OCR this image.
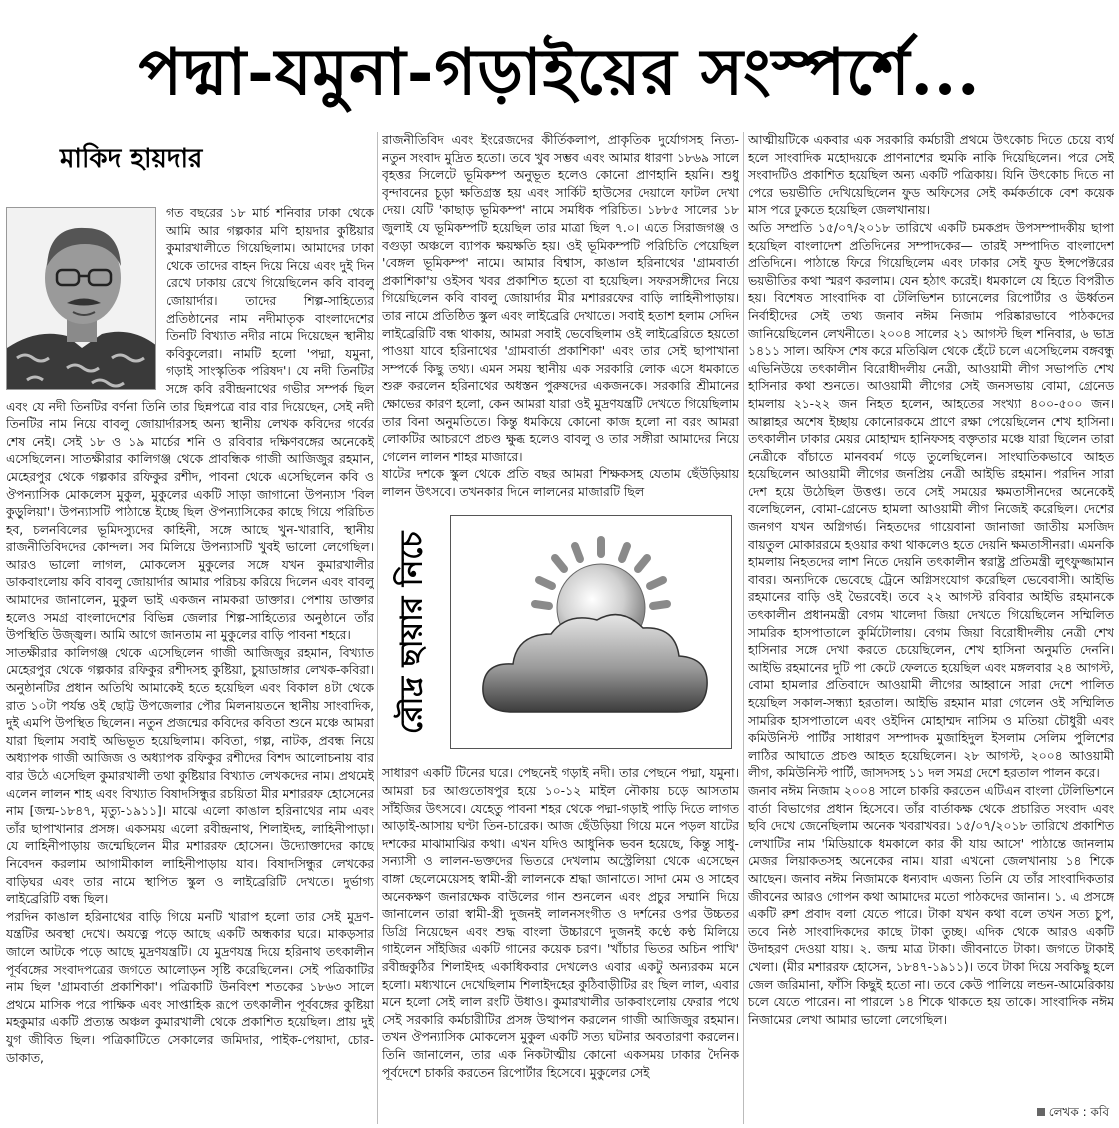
পদ্মা-যমুনা-গড়াইয়ের সংস্পর্শে...
মাকিদ হায়দার

গত বছরের ১৮ মার্চ শনিবার ঢাকা থেকে আমি আর গল্পকার মণি হায়দার কুষ্টিয়ার কুমারখালীতে গিয়েছিলাম। আমাদের ঢাকা থেকে তাদের বাহন দিয়ে নিয়ে এবং দুই দিন রেখে ঢাকায় রেখে গিয়েছিলেন কবি বাবলু জোয়ার্দার। তাদের শিল্প-সাহিত্যের প্রতিষ্ঠানের নাম নদীমাতৃক বাংলাদেশের তিনটি বিখ্যাত নদীর নামে দিয়েছেন স্থানীয় কবিকুলেরা। নামটি হলো 'পদ্মা, যমুনা, গড়াই সাংস্কৃতিক পরিষদ'। যে নদী তিনটির সঙ্গে কবি রবীন্দ্রনাথের গভীর সম্পর্ক ছিল এবং যে নদী তিনটির বর্ণনা তিনি তার ছিন্নপত্রে বার বার দিয়েছেন, সেই নদী তিনটির নাম নিয়ে বাবলু জোয়ার্দারসহ অন্য স্থানীয় লেখক কবিদের গর্বের শেষ নেই। সেই ১৮ ও ১৯ মার্চের শনি ও রবিবার দক্ষিণবঙ্গের অনেকেই এসেছিলেন। সাতক্ষীরার কালিগঞ্জ থেকে প্রাবন্ধিক গাজী আজিজুর রহমান, মেহেরপুর থেকে গল্পকার রফিকুর রশীদ, পাবনা থেকে এসেছিলেন কবি ও ঔপন্যাসিক মোকলেস মুকুল, মুকুলের একটি সাড়া জাগানো উপন্যাস 'বিল কুড়ুলিয়া'। উপন্যাসটি পাঠান্তে ইচ্ছে ছিল ঔপন্যাসিকের কাছে গিয়ে পরিচিত হব, চলনবিলের ভূমিদস্যুদের কাহিনী, সঙ্গে আছে খুন-খারাবি, স্থানীয় রাজনীতিবিদদের কোন্দল। সব মিলিয়ে উপন্যাসটি খুবই ভালো লেগেছিল। আরও ভালো লাগল, মোকলেস মুকুলের সঙ্গে যখন কুমারখালীর ডাকবাংলোয় কবি বাবলু জোয়ার্দার আমার পরিচয় করিয়ে দিলেন এবং বাবলু আমাদের জানালেন, মুকুল ভাই একজন নামকরা ডাক্তার। পেশায় ডাক্তার হলেও সমগ্র বাংলাদেশের বিভিন্ন জেলার শিল্প-সাহিত্যের অনুষ্ঠানে তাঁর উপস্থিতি উজ্জ্বল। আমি আগে জানতাম না মুকুলের বাড়ি পাবনা শহরে।

সাতক্ষীরার কালিগঞ্জ থেকে এসেছিলেন গাজী আজিজুর রহমান, বিখ্যাত মেহেরপুর থেকে গল্পকার রফিকুর রশীদসহ কুষ্টিয়া, চুয়াডাঙ্গার লেখক-কবিরা। অনুষ্ঠানটির প্রধান অতিথি আমাকেই হতে হয়েছিল এবং বিকাল ৪টা থেকে রাত ১০টা পর্যন্ত ওই ছোট্ট উপজেলার পৌর মিলনায়তনে স্থানীয় সাংবাদিক, দুই এমপি উপস্থিত ছিলেন। নতুন প্রজন্মের কবিদের কবিতা শুনে মঞ্চে আমরা যারা ছিলাম সবাই অভিভূত হয়েছিলাম। কবিতা, গল্প, নাটক, প্রবন্ধ নিয়ে অধ্যাপক গাজী আজিজ ও অধ্যাপক রফিকুর রশীদের বিশদ আলোচনায় বার বার উঠে এসেছিল কুমারখালী তথা কুষ্টিয়ার বিখ্যাত লেখকদের নাম। প্রথমেই এলেন লালন শাহ এবং বিখ্যাত বিষাদসিন্ধুর রচয়িতা মীর মশাররফ হোসেনের নাম [জন্ম-১৮৪৭, মৃত্যু-১৯১১]। মাঝে এলো কাঙাল হরিনাথের নাম এবং তাঁর ছাপাখানার প্রসঙ্গ। একসময় এলো রবীন্দ্রনাথ, শিলাইদহ, লাহিনীপাড়া। যে লাহিনীপাড়ায় জন্মেছিলেন মীর মশাররফ হোসেন। উদ্যোক্তাদের কাছে নিবেদন করলাম আগামীকাল লাহিনীপাড়ায় যাব। বিষাদসিন্ধুর লেখকের বাড়িঘর এবং তার নামে স্থাপিত স্কুল ও লাইব্রেরিটি দেখতে। দুর্ভাগ্য লাইব্রেরিটি বন্ধ ছিল।

পরদিন কাঙাল হরিনাথের বাড়ি গিয়ে মনটি খারাপ হলো তার সেই মুদ্রণ-যন্ত্রটির অবস্থা দেখে। অযত্নে পড়ে আছে একটি অন্ধকার ঘরে। মাকড়সার জালে আটকে পড়ে আছে মুদ্রণযন্ত্রটি। যে মুদ্রণযন্ত্র দিয়ে হরিনাথ তৎকালীন পূর্ববঙ্গের সংবাদপত্রের জগতে আলোড়ন সৃষ্টি করেছিলেন। সেই পত্রিকাটির নাম ছিল 'গ্রামবার্তা প্রকাশিকা'। পত্রিকাটি উনবিংশ শতকের ১৮৬৩ সালে প্রথমে মাসিক পরে পাক্ষিক এবং সাপ্তাহিক রূপে তৎকালীন পূর্ববঙ্গের কুষ্টিয়া মহকুমার একটি প্রত্যন্ত অঞ্চল কুমারখালী থেকে প্রকাশিত হয়েছিল। প্রায় দুই যুগ জীবিত ছিল। পত্রিকাটিতে সেকালের জমিদার, পাইক-পেয়াদা, চোর-ডাকাত,

রাজনীতিবিদ এবং ইংরেজদের কীর্তিকলাপ, প্রাকৃতিক দুর্যোগসহ নিত্য-নতুন সংবাদ মুদ্রিত হতো। তবে খুব সম্ভব এবং আমার ধারণা ১৮৬৯ সালে বৃহত্তর সিলেটে ভূমিকম্প অনুভূত হলেও কোনো প্রাণহানি হয়নি। শুধু বৃন্দাবনের চূড়া ক্ষতিগ্রস্ত হয় এবং সার্কিট হাউসের দেয়ালে ফাটল দেখা দেয়। যেটি 'কাছাড় ভূমিকম্প' নামে সমধিক পরিচিত। ১৮৮৫ সালের ১৮ জুলাই যে ভূমিকম্পটি হয়েছিল তার মাত্রা ছিল ৭.০। এতে সিরাজগঞ্জ ও বগুড়া অঞ্চলে ব্যাপক ক্ষয়ক্ষতি হয়। ওই ভূমিকম্পটি পরিচিতি পেয়েছিল 'বেঙ্গল ভূমিকম্প' নামে। আমার বিশ্বাস, কাঙাল হরিনাথের 'গ্রামবার্তা প্রকাশিকা'য় ওইসব খবর প্রকাশিত হতো বা হয়েছিল। সফরসঙ্গীদের নিয়ে গিয়েছিলেন কবি বাবলু জোয়ার্দার মীর মশাররফের বাড়ি লাহিনীপাড়ায়। তার নামে প্রতিষ্ঠিত স্কুল এবং লাইব্রেরি দেখাতে। সবাই হতাশ হলাম সেদিন লাইব্রেরিটি বন্ধ থাকায়, আমরা সবাই ভেবেছিলাম ওই লাইব্রেরিতে হয়তো পাওয়া যাবে হরিনাথের 'গ্রামবার্তা প্রকাশিকা' এবং তার সেই ছাপাখানা সম্পর্কে কিছু তথ্য। এমন সময় স্থানীয় এক সরকারি লোক এসে ধমকাতে শুরু করলেন হরিনাথের অধস্তন পুরুষদের একজনকে। সরকারি শ্রীমানের ক্ষোভের কারণ হলো, কেন আমরা যারা ওই মুদ্রণযন্ত্রটি দেখতে গিয়েছিলাম তার বিনা অনুমতিতে। কিন্তু ধমকিয়ে কোনো কাজ হলো না বরং আমরা লোকটির আচরণে প্রচণ্ড ক্ষুব্ধ হলেও বাবলু ও তার সঙ্গীরা আমাদের নিয়ে গেলেন লালন শাহর মাজারে।

ষাটের দশকে স্কুল থেকে প্রতি বছর আমরা শিক্ষকসহ যেতাম ছেঁউড়িয়ায় লালন উৎসবে। তখনকার দিনে লালনের মাজারটি ছিল

রৌদ্র ছায়ার নিচে

সাধারণ একটি টিনের ঘরে। পেছনেই গড়াই নদী। তার পেছনে পদ্মা, যমুনা। আমরা চর আগুতোষপুর হয়ে ১০-১২ মাইল নৌকায় চড়ে আসতাম সাঁইজির উৎসবে। যেহেতু পাবনা শহর থেকে পদ্মা-গড়াই পাড়ি দিতে লাগত আড়াই-আসায় ঘণ্টা তিন-চারেক। আজ ছেঁউড়িয়া গিয়ে মনে পড়ল ষাটের দশকের মাঝামাঝির কথা। এখন যদিও আধুনিক ভবন হয়েছে, কিন্তু সাধু-সন্যাসী ও লালন-ভক্তদের ভিতরে দেখলাম অস্ট্রেলিয়া থেকে এসেছেন বাঙ্গা ছেলেমেয়েসহ স্বামী-স্ত্রী লালনকে শ্রদ্ধা জানাতে। সাদা মেম ও সাহেব অনেকক্ষণ জনারক্ষেক বাউলের গান শুনলেন এবং প্রচুর সম্মানি দিয়ে জানালেন তারা স্বামী-স্ত্রী দুজনই লালনসংগীত ও দর্শনের ওপর উচ্চতর ডিগ্রি নিয়েছেন এবং শুদ্ধ বাংলা উচ্চারণে দুজনই কণ্ঠে কণ্ঠ মিলিয়ে গাইলেন সাঁইজির একটি গানের কয়েক চরণ। 'খাঁচার ভিতর অচিন পাখি' রবীন্দ্রকুঠির শিলাইদহ একাধিকবার দেখলেও এবার একটু অন্যরকম মনে হলো। মধ্যখানে দেখেছিলাম শিলাইদহের কুঠিবাড়ীটির রং ছিল লাল, এবার মনে হলো সেই লাল রংটি উধাও। কুমারখালীর ডাকবাংলোয় ফেরার পথে সেই সরকারি কর্মচারীটির প্রসঙ্গ উত্থাপন করলেন গাজী আজিজুর রহমান। তখন ঔপন্যাসিক মোকলেস মুকুল একটি সত্য ঘটনার অবতারণা করলেন। তিনি জানালেন, তার এক নিকটাত্মীয় কোনো একসময় ঢাকার দৈনিক পূর্বদেশে চাকরি করতেন রিপোর্টার হিসেবে। মুকুলের সেই

আত্মীয়টিকে একবার এক সরকারি কর্মচারী প্রথমে উৎকোচ দিতে চেয়ে ব্যর্থ হলে সাংবাদিক মহোদয়কে প্রাণনাশের হুমকি নাকি দিয়েছিলেন। পরে সেই সংবাদটিও প্রকাশিত হয়েছিল অন্য একটি পত্রিকায়। যিনি উৎকোচ দিতে না পেরে ভয়ভীতি দেখিয়েছিলেন ফুড অফিসের সেই কর্মকর্তাকে বেশ কয়েক মাস পরে ঢুকতে হয়েছিল জেলখানায়।

অতি সম্প্রতি ১৫/০৭/২০১৮ তারিখে একটি চমকপ্রদ উপসম্পাদকীয় ছাপা হয়েছিল বাংলাদেশ প্রতিদিনের সম্পাদকের— তারই সম্পাদিত বাংলাদেশ প্রতিদিনে। পাঠান্তে ফিরে গিয়েছিলেম এবং ঢাকার সেই ফুড ইন্সপেক্টরের ভয়ভীতির কথা স্মরণ করলাম। যেন হঠাৎ করেই। ধমকালে যে হিতে বিপরীত হয়। বিশেষত সাংবাদিক বা টেলিভিশন চ্যানেলের রিপোর্টার ও ঊর্ধ্বতন নির্বাহীদের সেই তথ্য জনাব নঈম নিজাম পরিষ্কারভাবে পাঠকদের জানিয়েছিলেন লেখনীতে। ২০০৪ সালের ২১ আগস্ট ছিল শনিবার, ৬ ভাদ্র ১৪১১ সাল। অফিস শেষ করে মতিঝিল থেকে হেঁটে চলে এসেছিলেম বঙ্গবন্ধু এভিনিউয়ে তৎকালীন বিরোধীদলীয় নেত্রী, আওয়ামী লীগ সভাপতি শেখ হাসিনার কথা শুনতে। আওয়ামী লীগের সেই জনসভায় বোমা, গ্রেনেড হামলায় ২১-২২ জন নিহত হলেন, আহতের সংখ্যা ৪০০-৫০০ জন। আল্লাহর অশেষ ইচ্ছায় কোনোরকমে প্রাণে রক্ষা পেয়েছিলেন শেখ হাসিনা। তৎকালীন ঢাকার মেয়র মোহাম্মদ হানিফসহ বক্তৃতার মঞ্চে যারা ছিলেন তারা নেত্রীকে বাঁচাতে মানববর্ম গড়ে তুলেছিলেন। সাংঘাতিকভাবে আহত হয়েছিলেন আওয়ামী লীগের জনপ্রিয় নেত্রী আইভি রহমান। পরদিন সারা দেশ হয়ে উঠেছিল উত্তপ্ত। তবে সেই সময়ের ক্ষমতাসীনদের অনেকেই বলেছিলেন, বোমা-গ্রেনেড হামলা আওয়ামী লীগ নিজেই করেছিল। দেশের জনগণ যখন অগ্নিগর্ভ। নিহতদের গায়েবানা জানাজা জাতীয় মসজিদ বায়তুল মোকাররমে হওয়ার কথা থাকলেও হতে দেয়নি ক্ষমতাসীনরা। এমনকি হামলায় নিহতদের লাশ নিতে দেয়নি তৎকালীন স্বরাষ্ট্র প্রতিমন্ত্রী লুৎফুজ্জামান বাবর। অন্যদিকে ভেবেছে ট্রেনে অগ্নিসংযোগ করেছিল ভেবেবাসী। আইভি রহমানের বাড়ি ওই ভৈরবেই। তবে ২২ আগস্ট রবিবার আইভি রহমানকে তৎকালীন প্রধানমন্ত্রী বেগম খালেদা জিয়া দেখতে গিয়েছিলেন সম্মিলিত সামরিক হাসপাতালে কুর্মিটোলায়। বেগম জিয়া বিরোধীদলীয় নেত্রী শেখ হাসিনার সঙ্গে দেখা করতে চেয়েছিলেন, শেখ হাসিনা অনুমতি দেননি। আইভি রহমানের দুটি পা কেটে ফেলতে হয়েছিল এবং মঙ্গলবার ২৪ আগস্ট, বোমা হামলার প্রতিবাদে আওয়ামী লীগের আহ্বানে সারা দেশে পালিত হয়েছিল সকাল-সন্ধ্যা হরতাল। আইভি রহমান মারা গেলেন ওই সম্মিলিত সামরিক হাসপাতালে এবং ওইদিন মোহাম্মদ নাসিম ও মতিয়া চৌধুরী এবং কমিউনিস্ট পার্টির সাধারণ সম্পাদক মুজাহিদুল ইসলাম সেলিম পুলিশের লাঠির আঘাতে প্রচণ্ড আহত হয়েছিলেন। ২৮ আগস্ট, ২০০৪ আওয়ামী লীগ, কমিউনিস্ট পার্টি, জাসদসহ ১১ দল সমগ্র দেশে হরতাল পালন করে।

জনাব নঈম নিজাম ২০০৪ সালে চাকরি করতেন এটিএন বাংলা টেলিভিশনে বার্তা বিভাগের প্রধান হিসেবে। তাঁর বার্তাকক্ষ থেকে প্রচারিত সংবাদ এবং ছবি দেখে জেনেছিলাম অনেক খবরাখবর। ১৫/০৭/২০১৮ তারিখে প্রকাশিত লেখাটির নাম 'মিডিয়াকে ধমকালে কার কী যায় আসে' পাঠান্তে জানলাম মেজর লিয়াকতসহ অনেকের নাম। যারা এখনো জেলখানায় ১৪ শিকে আছেন। জনাব নঈম নিজামকে ধন্যবাদ এজন্য তিনি যে তাঁর সাংবাদিকতার জীবনের আরও গোপন কথা আমাদের মতো পাঠকদের জানান। ১. এ প্রসঙ্গে একটি রুশ প্রবাদ বলা যেতে পারে। টাকা যখন কথা বলে তখন সত্য চুপ, তবে নিষ্ঠ সাংবাদিকদের কাছে টাকা তুচ্ছ। এদিক থেকে আরও একটি উদাহরণ দেওয়া যায়। ২. জন্ম মাত্র টাকা। জীবনাতে টাকা। জগতে টাকাই খেলা। (মীর মশাররফ হোসেন, ১৮৪৭-১৯১১)। তবে টাকা দিয়ে সবকিছু হলে জেল জরিমানা, ফাঁসি কিছুই হতো না। তবে কেউ পালিয়ে লন্ডন-আমেরিকায় চলে যেতে পারেন। না পারলে ১৪ শিকে থাকতে হয় তাকে। সাংবাদিক নঈম নিজামের লেখা আমার ভালো লেগেছিল।

লেখক : কবি
